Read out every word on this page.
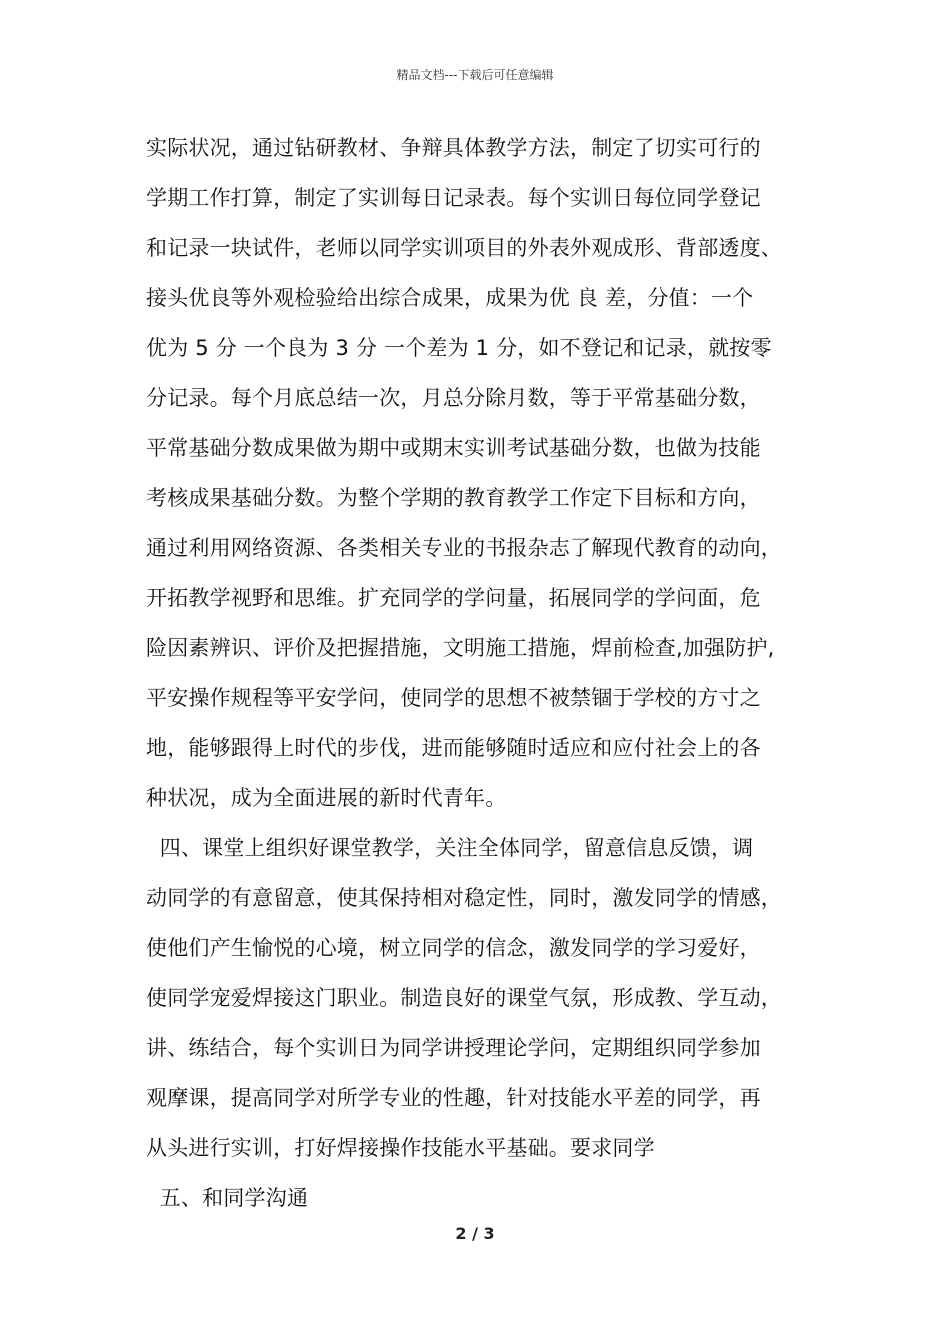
精品文档---下载后可任意编辑
实际状况，通过钻研教材、争辩具体教学方法，制定了切实可行的
学期工作打算，制定了实训每日记录表。每个实训日每位同学登记
和记录一块试件，老师以同学实训项目的外表外观成形、背部透度、
接头优良等外观检验给出综合成果，成果为优 良 差，分值：一个
优为 5 分 一个良为 3 分 一个差为 1 分，如不登记和记录，就按零
分记录。每个月底总结一次，月总分除月数，等于平常基础分数，
平常基础分数成果做为期中或期末实训考试基础分数，也做为技能
考核成果基础分数。为整个学期的教育教学工作定下目标和方向，
通过利用网络资源、各类相关专业的书报杂志了解现代教育的动向，
开拓教学视野和思维。扩充同学的学问量，拓展同学的学问面，危
险因素辨识、评价及把握措施，文明施工措施，焊前检查,加强防护,
平安操作规程等平安学问，使同学的思想不被禁锢于学校的方寸之
地，能够跟得上时代的步伐，进而能够随时适应和应付社会上的各
种状况，成为全面进展的新时代青年。
四、课堂上组织好课堂教学，关注全体同学，留意信息反馈，调
动同学的有意留意，使其保持相对稳定性，同时，激发同学的情感，
使他们产生愉悦的心境，树立同学的信念，激发同学的学习爱好，
使同学宠爱焊接这门职业。制造良好的课堂气氛，形成教、学互动，
讲、练结合，每个实训日为同学讲授理论学问，定期组织同学参加
观摩课，提高同学对所学专业的性趣，针对技能水平差的同学，再
从头进行实训，打好焊接操作技能水平基础。要求同学
五、和同学沟通
2 / 3
